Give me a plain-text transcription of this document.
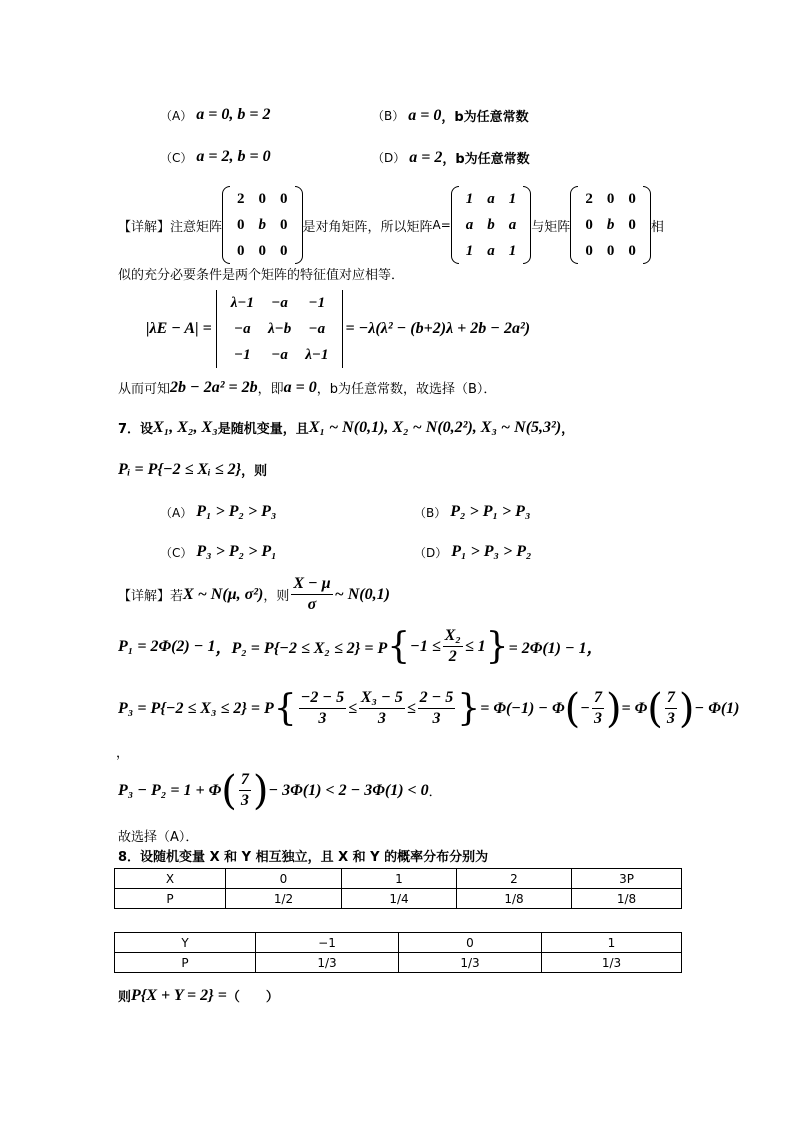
（A） a = 0, b = 2	（B） a = 0 ，b为任意常数
（C） a = 2, b = 0	（D） a = 2 ，b为任意常数
【详解】注意矩阵
2	0	0
0	b	0
0	0	0
是对角矩阵，所以矩阵 A=
1	a	1
a	b	a
1	a	1
与矩阵
2	0	0
0	b	0
0	0	0
相
似的充分必要条件是两个矩阵的特征值对应相等．
|λE − A| =
λ−1	−a	−1
−a	λ−b	−a
−1	−a	λ−1
= −λ(λ² − (b+2)λ + 2b − 2a²)
从而可知 2b − 2a² = 2b ，即 a = 0 ，b为任意常数，故选择（B）．
7．设 X₁, X₂, X₃ 是随机变量，且 X₁ ~ N(0,1), X₂ ~ N(0,2²), X₃ ~ N(5,3²) ，
Pᵢ = P{−2 ≤ Xᵢ ≤ 2} ，则
（A） P₁ > P₂ > P₃	（B） P₂ > P₁ > P₃
（C） P₃ > P₂ > P₁	（D） P₁ > P₃ > P₂
【详解】若 X ~ N(μ, σ²) ，则 $\frac{X - \mu}{\sigma}$ ~ N(0,1)
P₁ = 2Φ(2) − 1 ，P₂ = P{−2 ≤ X₂ ≤ 2} = P { $-1 \le \frac{\text{X₂}}{2} \le 1$ } = 2Φ(1) − 1，
P₃ = P{−2 ≤ X₃ ≤ 2} = P { $\frac{-2 - 5}{3} \le \frac{\text{X₃ − 5}}{3} \le \frac{2 - 5}{3}$ } = Φ(−1) − Φ ( − $\frac{7}{3}$ ) = Φ ( $\frac{7}{3}$ ) − Φ(1)
，
P₃ − P₂ = 1 + Φ ( $\frac{7}{3}$ ) − 3Φ(1) < 2 − 3Φ(1) < 0 ．
故选择（A）．
8．设随机变量 X 和 Y 相互独立，且 X 和 Y 的概率分布分别为
X	0	1	2	3P
P	1/2	1/4	1/8	1/8
Y	−1	0	1
P	1/3	1/3	1/3
则 P{X + Y = 2} = （　　）
